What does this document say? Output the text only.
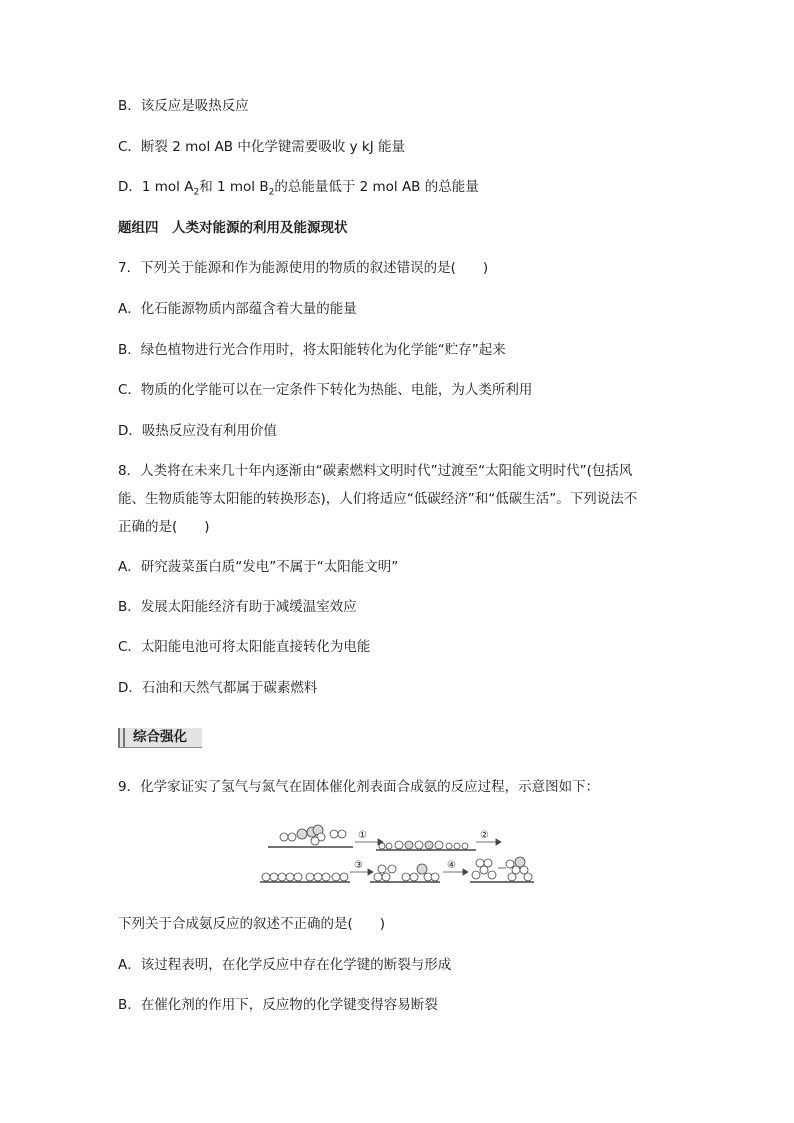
B．该反应是吸热反应
C．断裂 2 mol AB 中化学键需要吸收 y kJ 能量
D．1 mol $A_2$和 1 mol $B_2$的总能量低于 2 mol AB 的总能量
题组四　人类对能源的利用及能源现状
7．下列关于能源和作为能源使用的物质的叙述错误的是(　　)
A．化石能源物质内部蕴含着大量的能量
B．绿色植物进行光合作用时，将太阳能转化为化学能“贮存”起来
C．物质的化学能可以在一定条件下转化为热能、电能，为人类所利用
D．吸热反应没有利用价值
8．人类将在未来几十年内逐渐由“碳素燃料文明时代”过渡至“太阳能文明时代”(包括风
能、生物质能等太阳能的转换形态)，人们将适应“低碳经济”和“低碳生活”。下列说法不
正确的是(　　)
A．研究菠菜蛋白质“发电”不属于“太阳能文明”
B．发展太阳能经济有助于减缓温室效应
C．太阳能电池可将太阳能直接转化为电能
D．石油和天然气都属于碳素燃料
综合强化
9．化学家证实了氢气与氮气在固体催化剂表面合成氨的反应过程，示意图如下：
①	②
③	④
下列关于合成氨反应的叙述不正确的是(　　)
A．该过程表明，在化学反应中存在化学键的断裂与形成
B．在催化剂的作用下，反应物的化学键变得容易断裂
